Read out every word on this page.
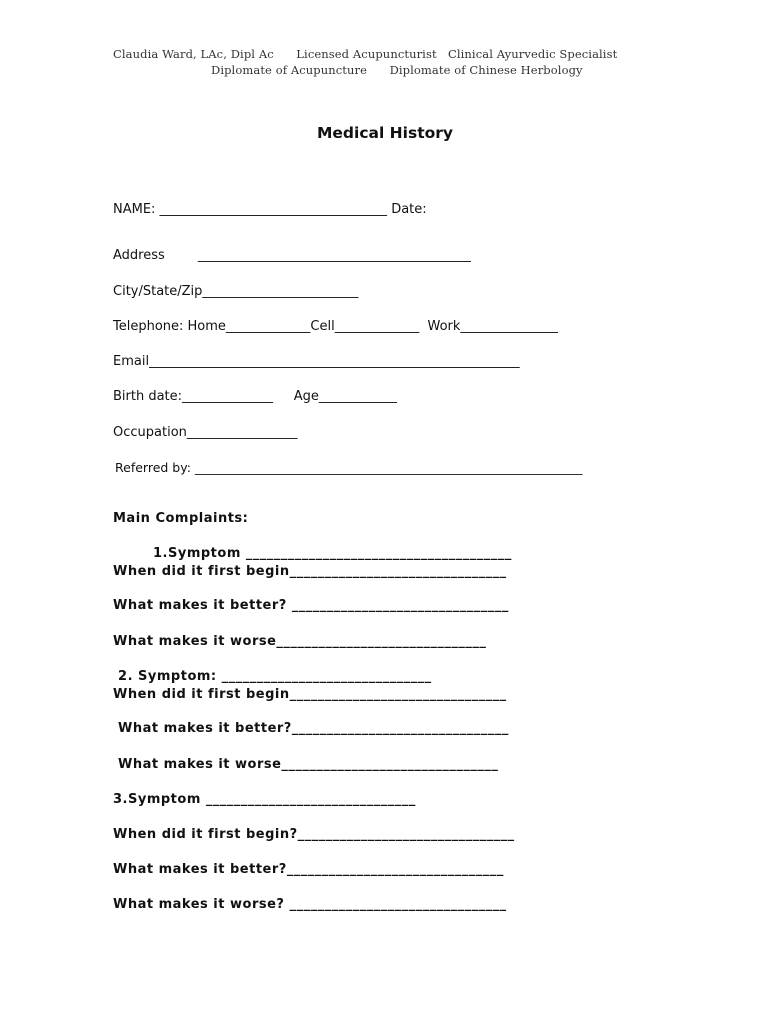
Claudia Ward, LAc, Dipl Ac      Licensed Acupuncturist   Clinical Ayurvedic Specialist
Diplomate of Acupuncture      Diplomate of Chinese Herbology
Medical History
NAME: ___________________________________ Date:
Address        __________________________________________
City/State/Zip________________________
Telephone: Home_____________Cell_____________  Work_______________
Email_________________________________________________________
Birth date:______________     Age____________
Occupation_________________
Referred by: ______________________________________________________________
Main Complaints:
1.Symptom ______________________________________
When did it first begin_______________________________
What makes it better? _______________________________
What makes it worse______________________________
2. Symptom: ______________________________
When did it first begin_______________________________
What makes it better?_______________________________
What makes it worse_______________________________
3.Symptom ______________________________
When did it first begin?_______________________________
What makes it better?_______________________________
What makes it worse? _______________________________
